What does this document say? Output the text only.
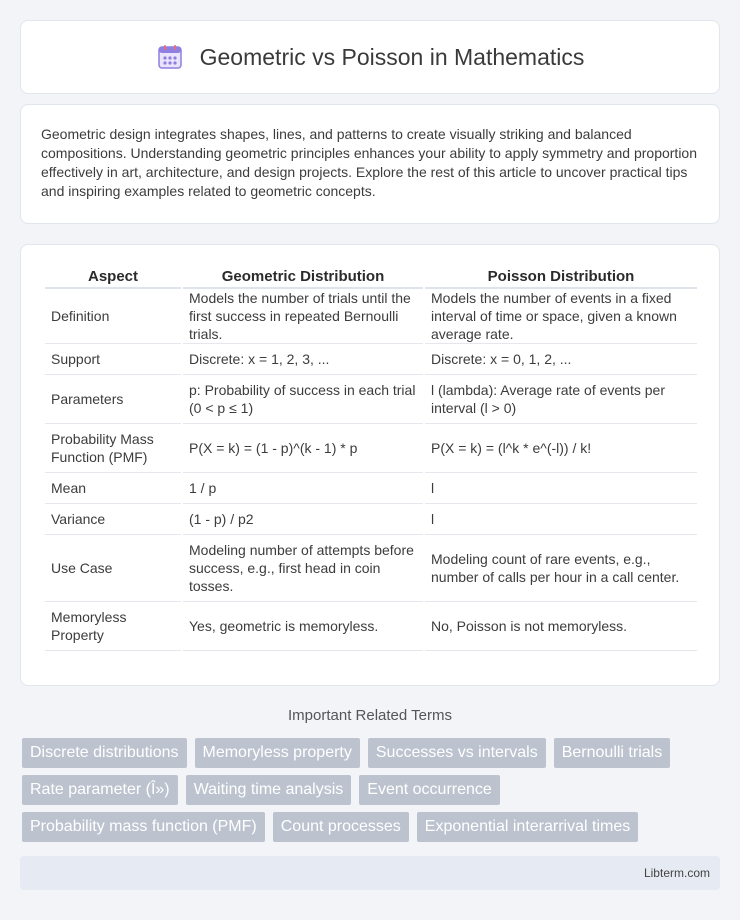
Geometric vs Poisson in Mathematics

Geometric design integrates shapes, lines, and patterns to create visually striking and balanced compositions. Understanding geometric principles enhances your ability to apply symmetry and proportion effectively in art, architecture, and design projects. Explore the rest of this article to uncover practical tips and inspiring examples related to geometric concepts.

Aspect	Geometric Distribution	Poisson Distribution
Definition	Models the number of trials until the first success in repeated Bernoulli trials.	Models the number of events in a fixed interval of time or space, given a known average rate.
Support	Discrete: x = 1, 2, 3, ...	Discrete: x = 0, 1, 2, ...
Parameters	p: Probability of success in each trial (0 < p ≤ 1)	l (lambda): Average rate of events per interval (l > 0)
Probability Mass Function (PMF)	P(X = k) = (1 - p)^(k - 1) * p	P(X = k) = (l^k * e^(-l)) / k!
Mean	1 / p	l
Variance	(1 - p) / p2	l
Use Case	Modeling number of attempts before success, e.g., first head in coin tosses.	Modeling count of rare events, e.g., number of calls per hour in a call center.
Memoryless Property	Yes, geometric is memoryless.	No, Poisson is not memoryless.
Important Related Terms
Discrete distributions	Memoryless property	Successes vs intervals	Bernoulli trials
Rate parameter (Î»)	Waiting time analysis	Event occurrence
Probability mass function (PMF)	Count processes	Exponential interarrival times
Libterm.com
